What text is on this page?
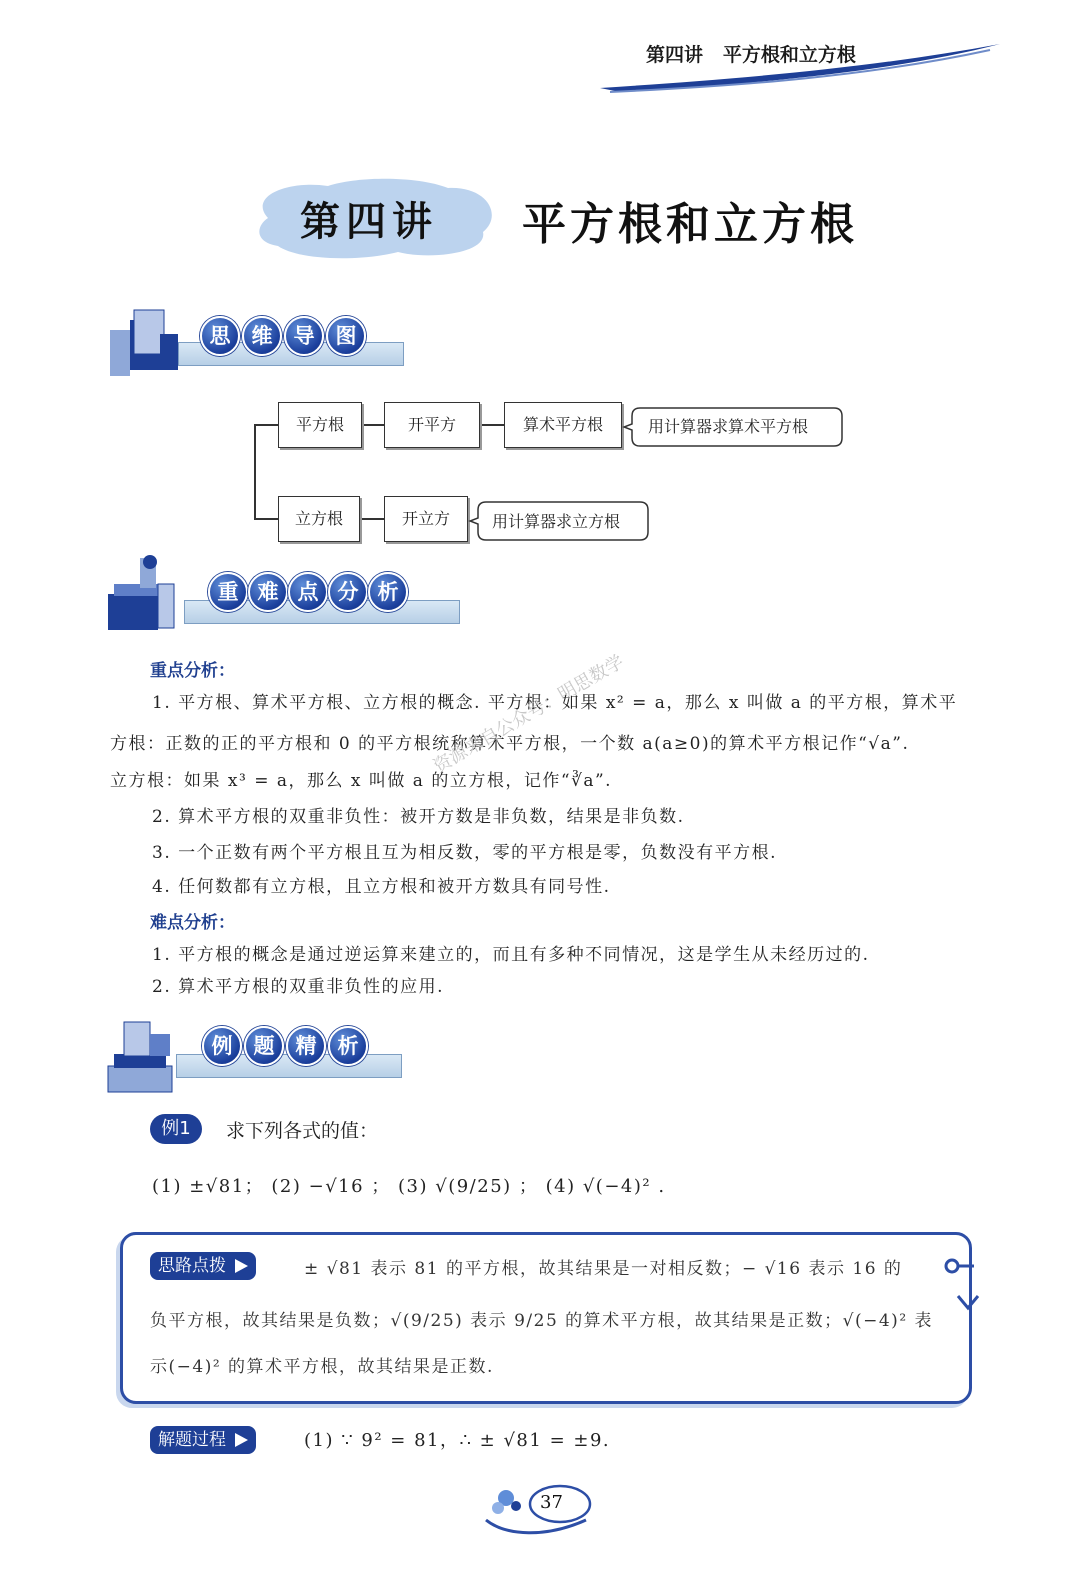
第四讲 平方根和立方根
第四讲 平方根和立方根
思	维	导	图
平方根	开平方	算术平方根
立方根	开立方
用计算器求算术平方根
用计算器求立方根
重 难 点 分 析
重点分析：
1. 平方根、算术平方根、立方根的概念. 平方根：如果 x² = a，那么 x 叫做 a 的平方根，算术平
方根：正数的正的平方根和 0 的平方根统称算术平方根，一个数 a(a≥0)的算术平方根记作“√a”.
立方根：如果 x³ = a，那么 x 叫做 a 的立方根，记作“∛a”.
2. 算术平方根的双重非负性：被开方数是非负数，结果是非负数.
3. 一个正数有两个平方根且互为相反数，零的平方根是零，负数没有平方根.
4. 任何数都有立方根，且立方根和被开方数具有同号性.
难点分析：
1. 平方根的概念是通过逆运算来建立的，而且有多种不同情况，这是学生从未经历过的.
2. 算术平方根的双重非负性的应用.
例	题	精	析
例1	求下列各式的值：
(1) ±√81； (2) −√16 ； (3) √(9/25) ； (4) √(−4)² .
思路点拨	± √81 表示 81 的平方根，故其结果是一对相反数；− √16 表示 16 的
负平方根，故其结果是负数；√(9/25) 表示 9/25 的算术平方根，故其结果是正数；√(−4)² 表
示(−4)² 的算术平方根，故其结果是正数.
解题过程	(1) ∵ 9² = 81，∴ ± √81 = ±9.
37
资源来自公众号：明思数学
